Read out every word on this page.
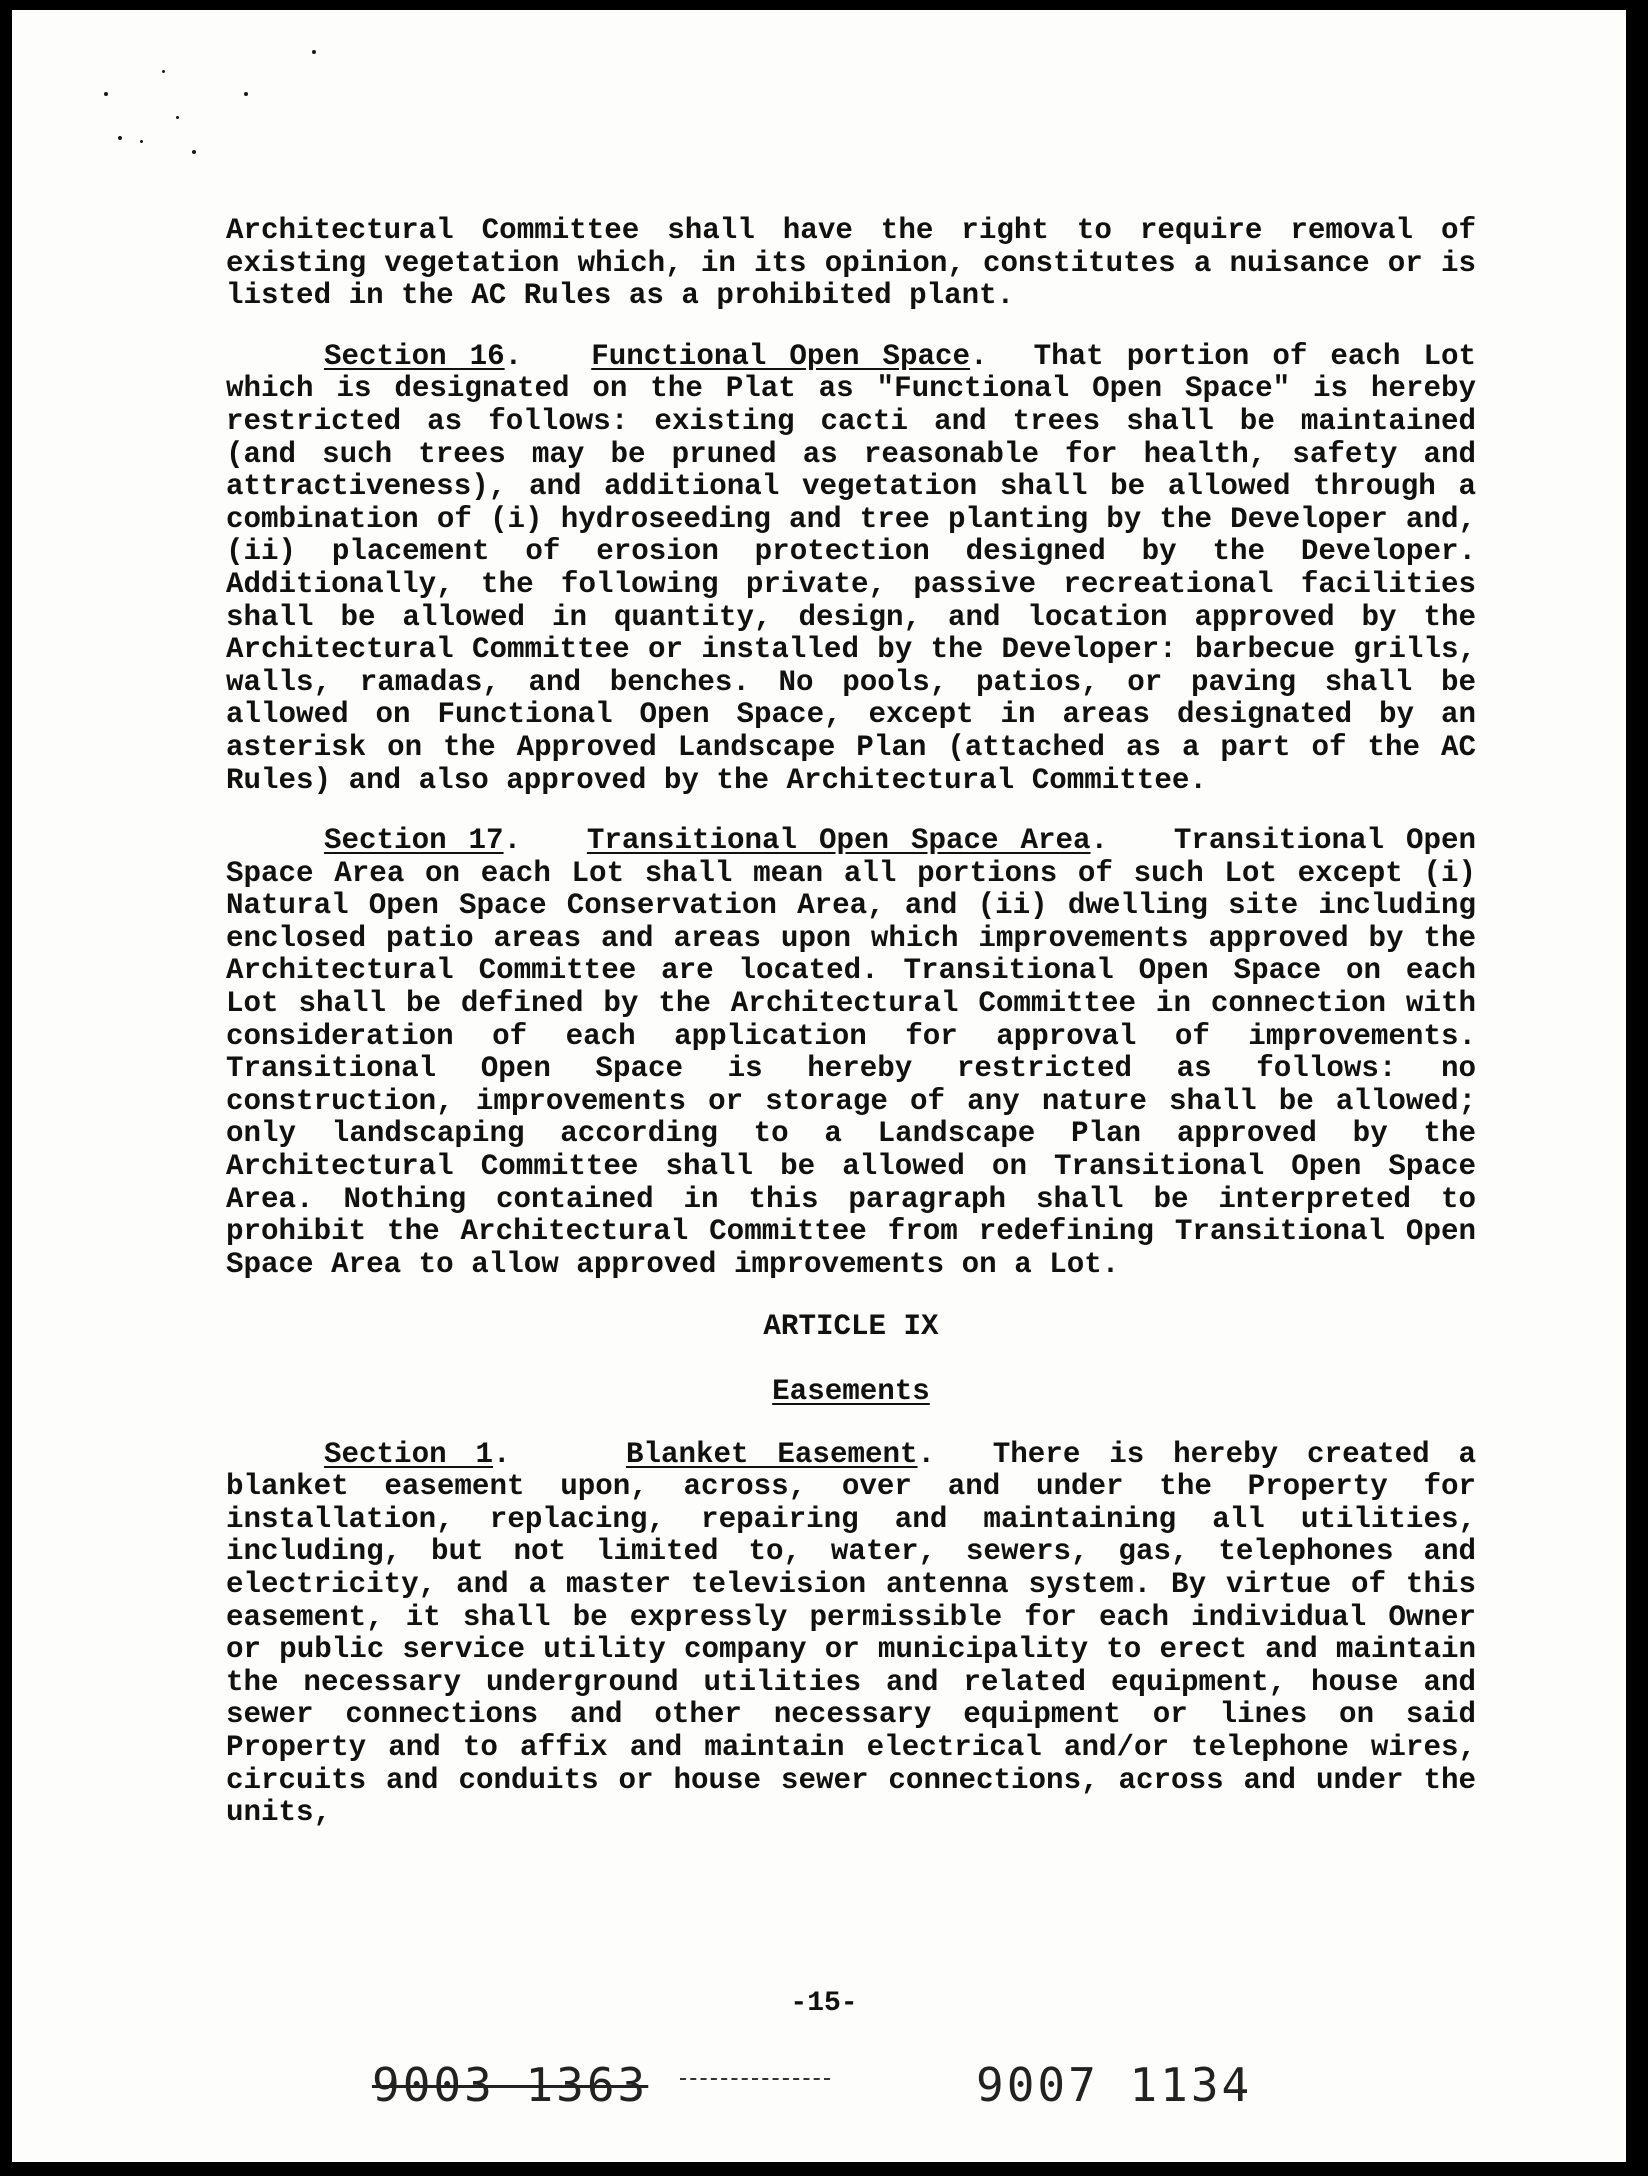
Architectural Committee shall have the right to require removal of existing vegetation which, in its opinion, constitutes a nuisance or is listed in the AC Rules as a prohibited plant.

Section 16.   Functional Open Space.  That portion of each Lot which is designated on the Plat as "Functional Open Space" is hereby restricted as follows: existing cacti and trees shall be maintained (and such trees may be pruned as reasonable for health, safety and attractiveness), and additional vegetation shall be allowed through a combination of (i) hydroseeding and tree planting by the Developer and, (ii) placement of erosion protection designed by the Developer. Additionally, the following private, passive recreational facilities shall be allowed in quantity, design, and location approved by the Architectural Committee or installed by the Developer: barbecue grills, walls, ramadas, and benches. No pools, patios, or paving shall be allowed on Functional Open Space, except in areas designated by an asterisk on the Approved Landscape Plan (attached as a part of the AC Rules) and also approved by the Architectural Committee.

Section 17.   Transitional Open Space Area.   Transitional Open Space Area on each Lot shall mean all portions of such Lot except (i) Natural Open Space Conservation Area, and (ii) dwelling site including enclosed patio areas and areas upon which improvements approved by the Architectural Committee are located. Transitional Open Space on each Lot shall be defined by the Architectural Committee in connection with consideration of each application for approval of improvements. Transitional Open Space is hereby restricted as follows: no construction, improvements or storage of any nature shall be allowed; only landscaping according to a Landscape Plan approved by the Architectural Committee shall be allowed on Transitional Open Space Area. Nothing contained in this paragraph shall be interpreted to prohibit the Architectural Committee from redefining Transitional Open Space Area to allow approved improvements on a Lot.

ARTICLE IX

Easements

Section 1.    Blanket Easement.  There is hereby created a blanket easement upon, across, over and under the Property for installation, replacing, repairing and maintaining all utilities, including, but not limited to, water, sewers, gas, telephones and electricity, and a master television antenna system. By virtue of this easement, it shall be expressly permissible for each individual Owner or public service utility company or municipality to erect and maintain the necessary underground utilities and related equipment, house and sewer connections and other necessary equipment or lines on said Property and to affix and maintain electrical and/or telephone wires, circuits and conduits or house sewer connections, across and under the units,

-15-
9003 1363	9007 1134
